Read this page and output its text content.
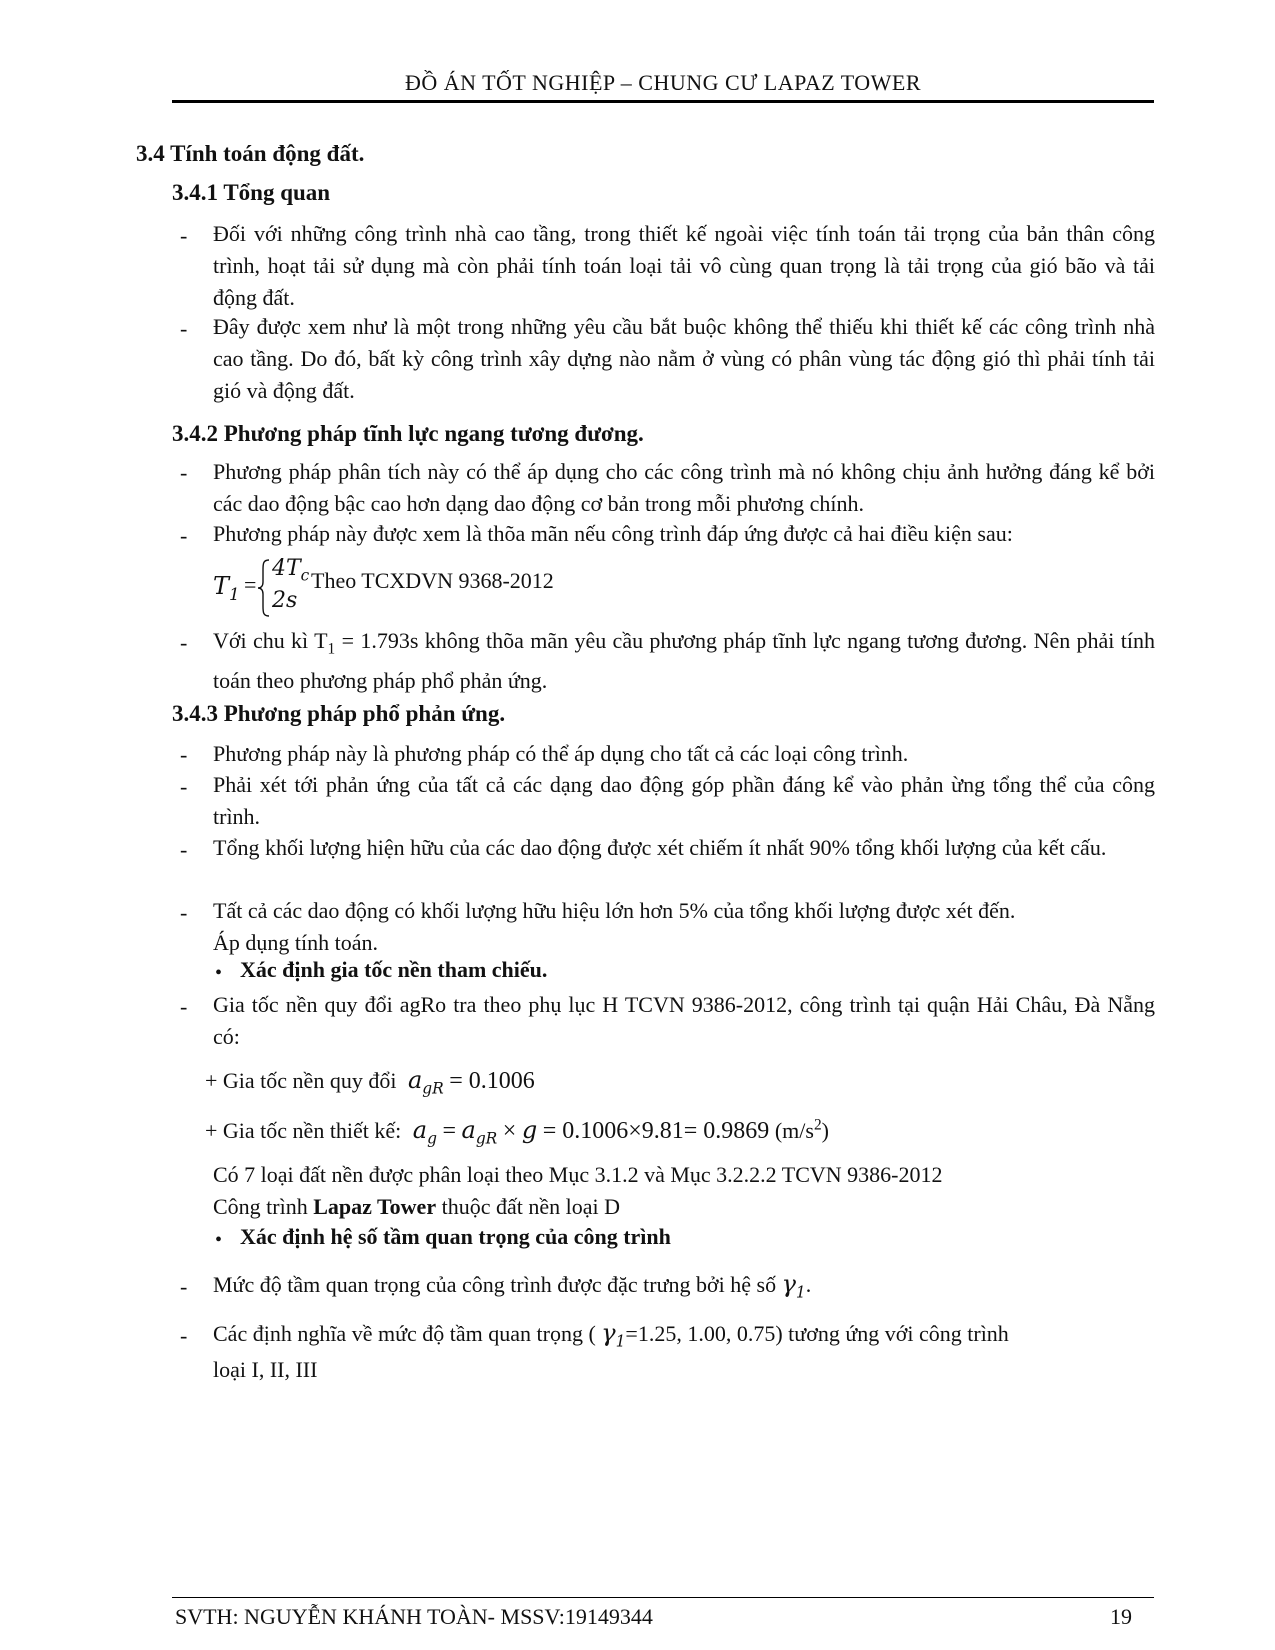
ĐỒ ÁN TỐT NGHIỆP – CHUNG CƯ LAPAZ TOWER
3.4 Tính toán động đất.
3.4.1 Tổng quan
- Đối với những công trình nhà cao tầng, trong thiết kế ngoài việc tính toán tải trọng của bản thân công trình, hoạt tải sử dụng mà còn phải tính toán loại tải vô cùng quan trọng là tải trọng của gió bão và tải động đất.
- Đây được xem như là một trong những yêu cầu bắt buộc không thể thiếu khi thiết kế các công trình nhà cao tầng. Do đó, bất kỳ công trình xây dựng nào nằm ở vùng có phân vùng tác động gió thì phải tính tải gió và động đất.
3.4.2 Phương pháp tĩnh lực ngang tương đương.
- Phương pháp phân tích này có thể áp dụng cho các công trình mà nó không chịu ảnh hưởng đáng kể bởi các dao động bậc cao hơn dạng dao động cơ bản trong mỗi phương chính.
- Phương pháp này được xem là thõa mãn nếu công trình đáp ứng được cả hai điều kiện sau:
$T_1$ =
$4T_c$
2s
Theo TCXDVN 9368-2012
- Với chu kì $T_1 = 1.793s$ không thõa mãn yêu cầu phương pháp tĩnh lực ngang tương đương. Nên phải tính toán theo phương pháp phổ phản ứng.
3.4.3 Phương pháp phổ phản ứng.
- Phương pháp này là phương pháp có thể áp dụng cho tất cả các loại công trình.
- Phải xét tới phản ứng của tất cả các dạng dao động góp phần đáng kể vào phản ừng tổng thể của công trình.
- Tổng khối lượng hiện hữu của các dao động được xét chiếm ít nhất 90% tổng khối lượng của kết cấu.
- Tất cả các dao động có khối lượng hữu hiệu lớn hơn 5% của tổng khối lượng được xét đến.
Áp dụng tính toán.
• Xác định gia tốc nền tham chiếu.
- Gia tốc nền quy đổi agRo tra theo phụ lục H TCVN 9386-2012, công trình tại quận Hải Châu, Đà Nẵng có:
+ Gia tốc nền quy đổi $a_{gR} = 0.1006$
+ Gia tốc nền thiết kế: $a_g = a_{gR} \times g = 0.1006\times 9.81= 0.9869$ $(m/s^2)$
Có 7 loại đất nền được phân loại theo Mục 3.1.2 và Mục 3.2.2.2 TCVN 9386-2012
Công trình Lapaz Tower thuộc đất nền loại D
• Xác định hệ số tầm quan trọng của công trình
- Mức độ tầm quan trọng của công trình được đặc trưng bởi hệ số $\gamma_1$.
- Các định nghĩa về mức độ tầm quan trọng ( $\gamma_1=1.25$, 1.00, 0.75) tương ứng với công trình
loại I, II, III
SVTH: NGUYỄN KHÁNH TOÀN- MSSV:19149344	19
